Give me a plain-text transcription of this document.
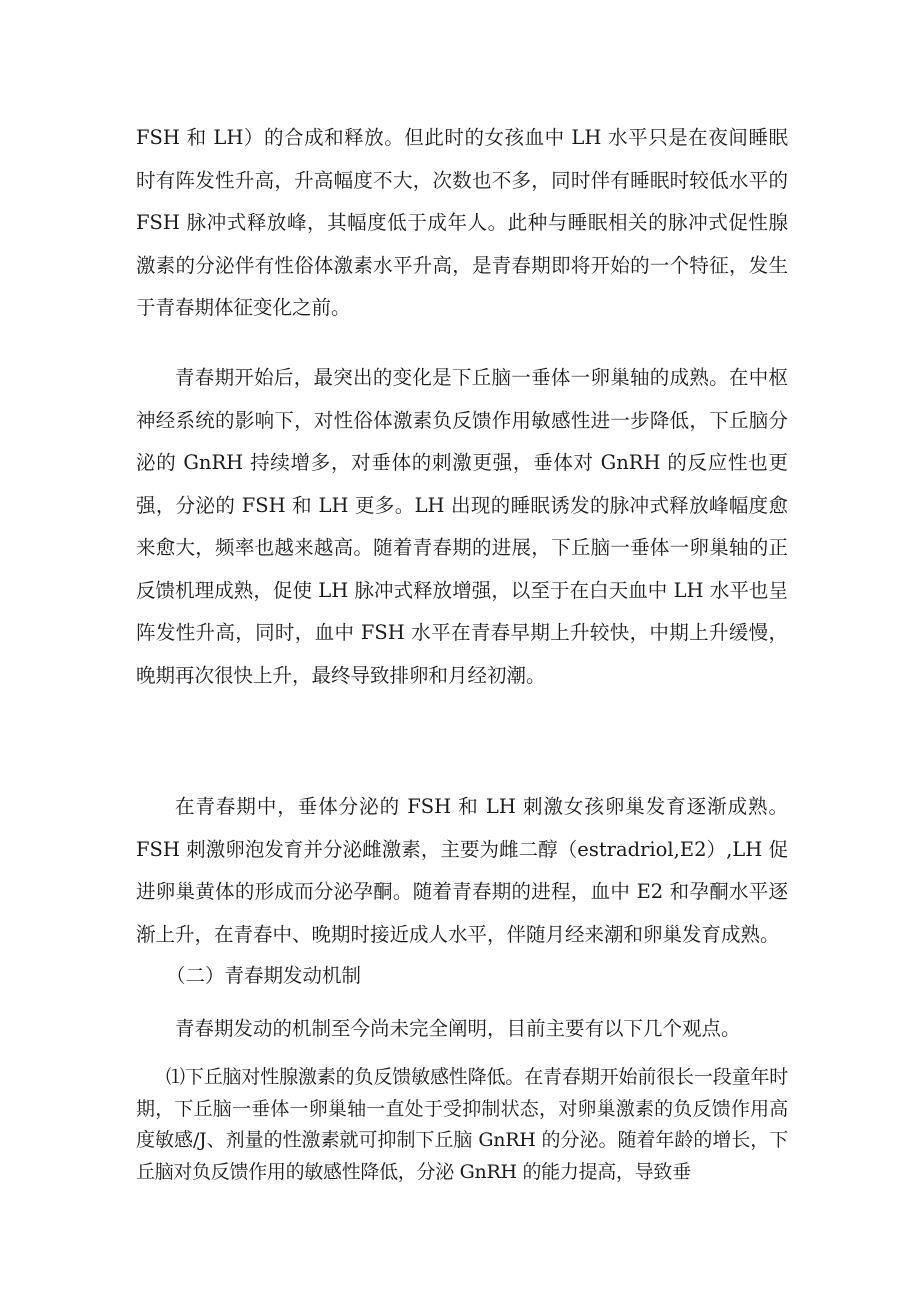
FSH 和 LH）的合成和释放。但此时的女孩血中 LH 水平只是在夜间睡眠时有阵发性升高，升高幅度不大，次数也不多，同时伴有睡眠时较低水平的 FSH 脉冲式释放峰，其幅度低于成年人。此种与睡眠相关的脉冲式促性腺激素的分泌伴有性俗体激素水平升高，是青春期即将开始的一个特征，发生于青春期体征变化之前。

青春期开始后，最突出的变化是下丘脑一垂体一卵巢轴的成熟。在中枢神经系统的影响下，对性俗体激素负反馈作用敏感性进一步降低，下丘脑分泌的 GnRH 持续增多，对垂体的刺激更强，垂体对 GnRH 的反应性也更强，分泌的 FSH 和 LH 更多。LH 出现的睡眠诱发的脉冲式释放峰幅度愈来愈大，频率也越来越高。随着青春期的进展，下丘脑一垂体一卵巢轴的正反馈机理成熟，促使 LH 脉冲式释放增强，以至于在白天血中 LH 水平也呈阵发性升高，同时，血中 FSH 水平在青春早期上升较快，中期上升缓慢，晚期再次很快上升，最终导致排卵和月经初潮。

在青春期中，垂体分泌的 FSH 和 LH 刺激女孩卵巢发育逐渐成熟。FSH 刺激卵泡发育并分泌雌激素，主要为雌二醇（estradriol,E2）,LH 促进卵巢黄体的形成而分泌孕酮。随着青春期的进程，血中 E2 和孕酮水平逐渐上升，在青春中、晚期时接近成人水平，伴随月经来潮和卵巢发育成熟。

（二）青春期发动机制

青春期发动的机制至今尚未完全阐明，目前主要有以下几个观点。

⑴下丘脑对性腺激素的负反馈敏感性降低。在青春期开始前很长一段童年时期，下丘脑一垂体一卵巢轴一直处于受抑制状态，对卵巢激素的负反馈作用高度敏感/J、剂量的性激素就可抑制下丘脑 GnRH 的分泌。随着年龄的增长，下丘脑对负反馈作用的敏感性降低，分泌 GnRH 的能力提高，导致垂
